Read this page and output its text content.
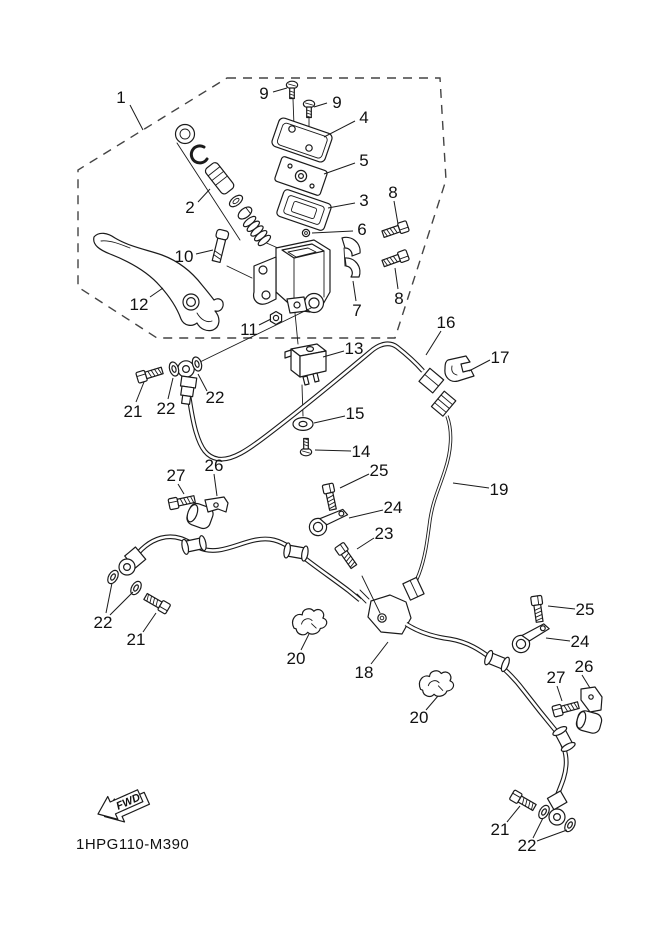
FWD
1HPG110-M390
1	9	9
4
5
3
6
8
8
2
10
12	7
11
13
16
17
15
14
19
25
24
23
26
27
21 22
22
22
21
20
18
25
24
26
27
20
21
22
